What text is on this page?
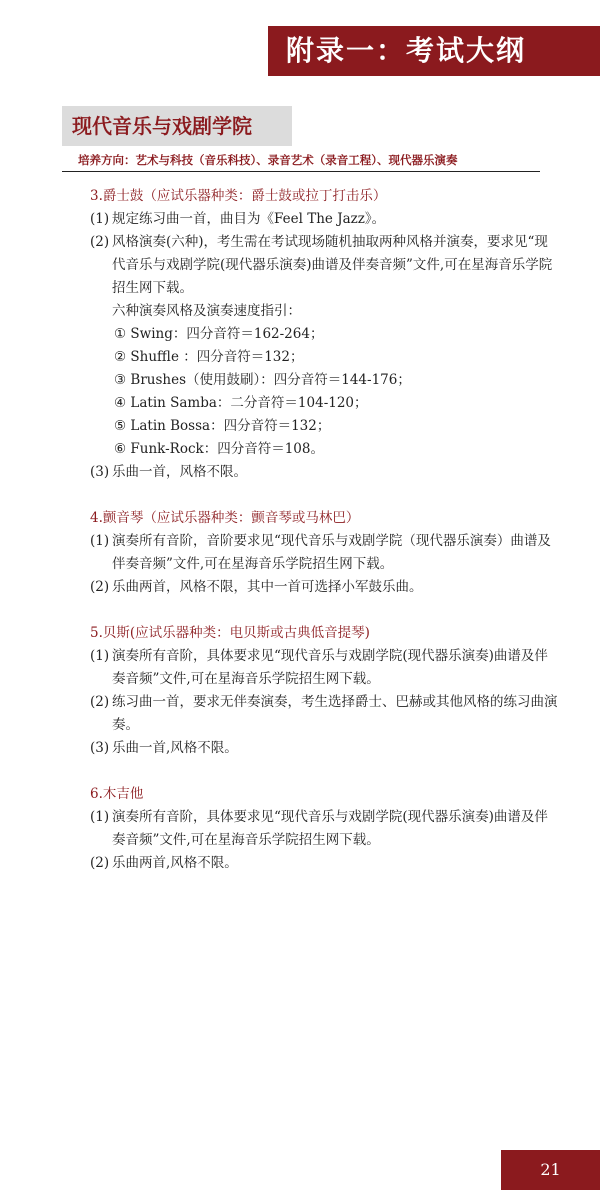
附录一：考试大纲
现代音乐与戏剧学院
培养方向：艺术与科技（音乐科技）、录音艺术（录音工程）、现代器乐演奏
3.爵士鼓（应试乐器种类：爵士鼓或拉丁打击乐）
(1) 规定练习曲一首，曲目为《Feel The Jazz》。
(2) 风格演奏(六种)，考生需在考试现场随机抽取两种风格并演奏，要求见“现代音乐与戏剧学院(现代器乐演奏)曲谱及伴奏音频”文件,可在星海音乐学院招生网下载。
六种演奏风格及演奏速度指引：
① Swing：四分音符＝162-264；
② Shuffle ：四分音符＝132；
③ Brushes（使用鼓刷）：四分音符＝144-176；
④ Latin Samba：二分音符＝104-120；
⑤ Latin Bossa：四分音符＝132；
⑥ Funk-Rock：四分音符＝108。
(3) 乐曲一首，风格不限。
4.颤音琴（应试乐器种类：颤音琴或马林巴）
(1) 演奏所有音阶，音阶要求见“现代音乐与戏剧学院（现代器乐演奏）曲谱及伴奏音频”文件,可在星海音乐学院招生网下载。
(2) 乐曲两首，风格不限，其中一首可选择小军鼓乐曲。
5.贝斯(应试乐器种类：电贝斯或古典低音提琴)
(1) 演奏所有音阶，具体要求见“现代音乐与戏剧学院(现代器乐演奏)曲谱及伴奏音频”文件,可在星海音乐学院招生网下载。
(2) 练习曲一首，要求无伴奏演奏，考生选择爵士、巴赫或其他风格的练习曲演奏。
(3) 乐曲一首,风格不限。
6.木吉他
(1) 演奏所有音阶，具体要求见“现代音乐与戏剧学院(现代器乐演奏)曲谱及伴奏音频”文件,可在星海音乐学院招生网下载。
(2) 乐曲两首,风格不限。
21
